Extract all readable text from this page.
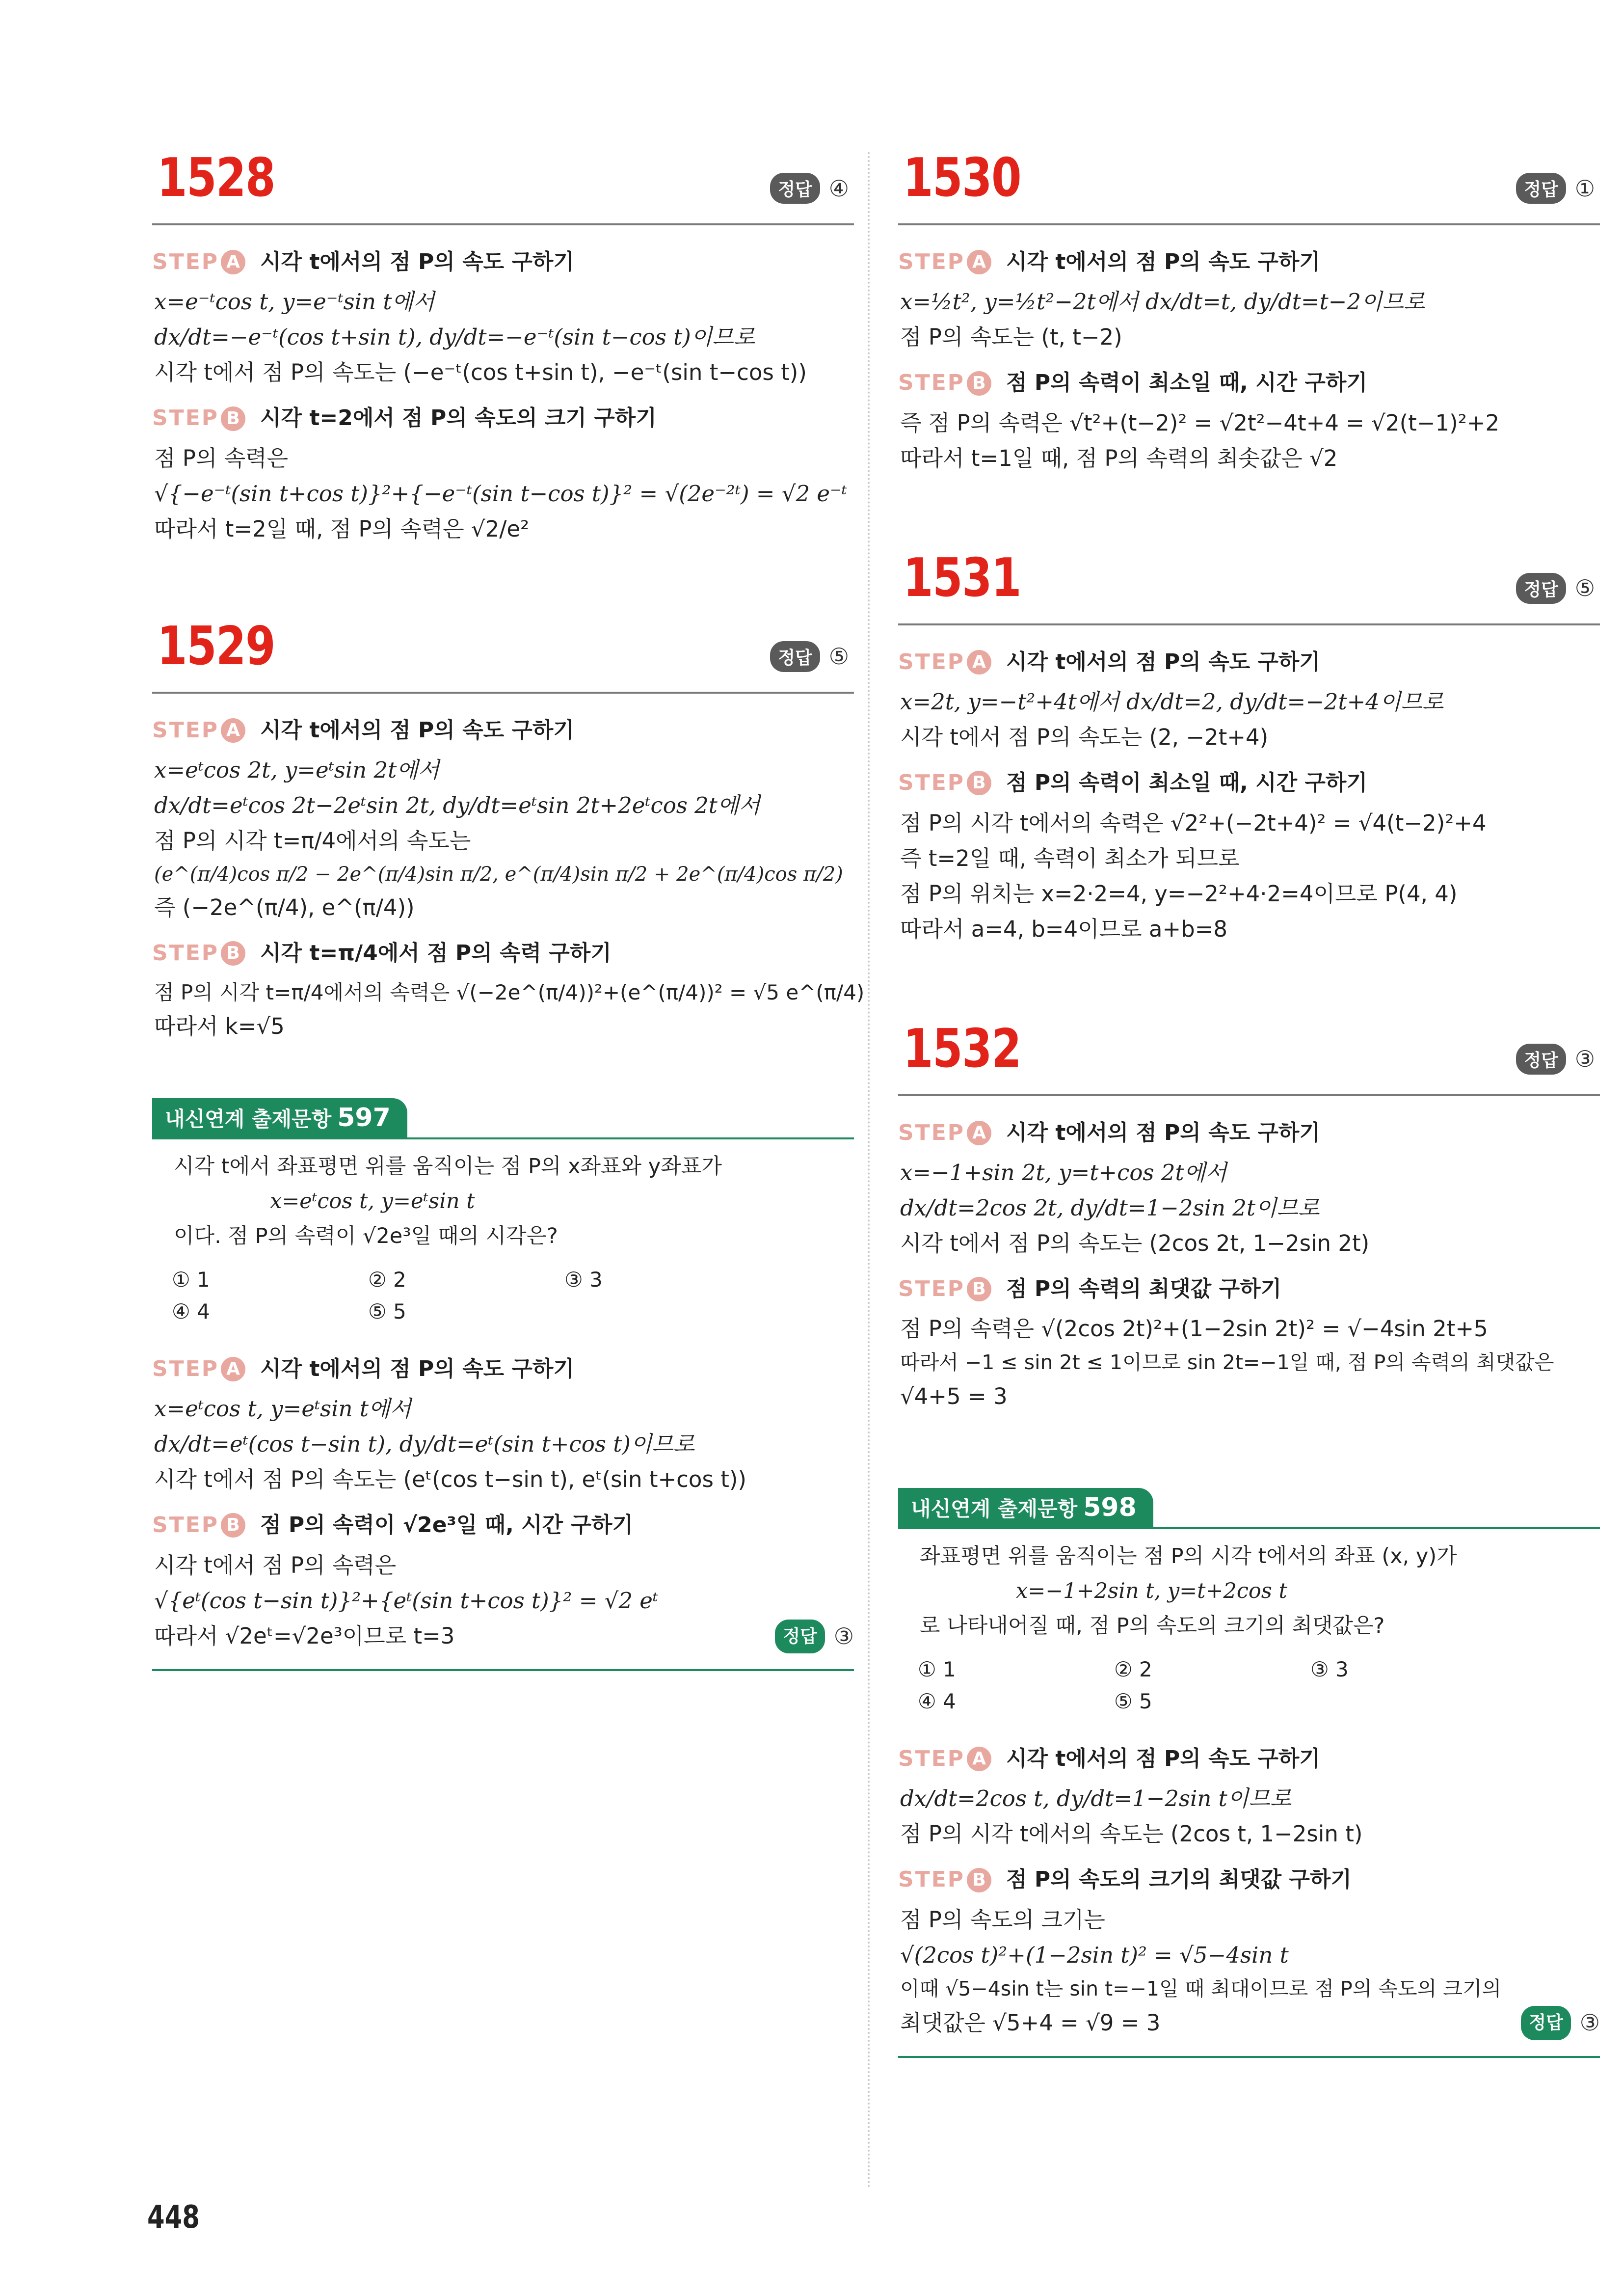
1528	정답 ④
STEP A 시각 t에서의 점 P의 속도 구하기
x=e⁻ᵗcos t, y=e⁻ᵗsin t에서
dx/dt=−e⁻ᵗ(cos t+sin t), dy/dt=−e⁻ᵗ(sin t−cos t)이므로
시각 t에서 점 P의 속도는 (−e⁻ᵗ(cos t+sin t), −e⁻ᵗ(sin t−cos t))
STEP B 시각 t=2에서 점 P의 속도의 크기 구하기
점 P의 속력은
√{−e⁻ᵗ(sin t+cos t)}²+{−e⁻ᵗ(sin t−cos t)}² = √(2e⁻²ᵗ) = √2 e⁻ᵗ
따라서 t=2일 때, 점 P의 속력은 √2/e²
1529	정답 ⑤
STEP A 시각 t에서의 점 P의 속도 구하기
x=eᵗcos 2t, y=eᵗsin 2t에서
dx/dt=eᵗcos 2t−2eᵗsin 2t, dy/dt=eᵗsin 2t+2eᵗcos 2t에서
점 P의 시각 t=π/4에서의 속도는
(e^(π/4)cos π/2 − 2e^(π/4)sin π/2, e^(π/4)sin π/2 + 2e^(π/4)cos π/2)
즉 (−2e^(π/4), e^(π/4))
STEP B 시각 t=π/4에서 점 P의 속력 구하기
점 P의 시각 t=π/4에서의 속력은 √(−2e^(π/4))²+(e^(π/4))² = √5 e^(π/4)
따라서 k=√5
내신연계 출제문항 597
시각 t에서 좌표평면 위를 움직이는 점 P의 x좌표와 y좌표가
x=eᵗcos t, y=eᵗsin t
이다. 점 P의 속력이 √2e³일 때의 시각은?
① 1	② 2	③ 3
④ 4	⑤ 5
STEP A 시각 t에서의 점 P의 속도 구하기
x=eᵗcos t, y=eᵗsin t에서
dx/dt=eᵗ(cos t−sin t), dy/dt=eᵗ(sin t+cos t)이므로
시각 t에서 점 P의 속도는 (eᵗ(cos t−sin t), eᵗ(sin t+cos t))
STEP B 점 P의 속력이 √2e³일 때, 시간 구하기
시각 t에서 점 P의 속력은
√{eᵗ(cos t−sin t)}²+{eᵗ(sin t+cos t)}² = √2 eᵗ
따라서 √2eᵗ=√2e³이므로 t=3	정답 ③
1530	정답 ①
STEP A 시각 t에서의 점 P의 속도 구하기
x=½t², y=½t²−2t에서 dx/dt=t, dy/dt=t−2이므로
점 P의 속도는 (t, t−2)
STEP B 점 P의 속력이 최소일 때, 시간 구하기
즉 점 P의 속력은 √t²+(t−2)² = √2t²−4t+4 = √2(t−1)²+2
따라서 t=1일 때, 점 P의 속력의 최솟값은 √2
1531	정답 ⑤
STEP A 시각 t에서의 점 P의 속도 구하기
x=2t, y=−t²+4t에서 dx/dt=2, dy/dt=−2t+4이므로
시각 t에서 점 P의 속도는 (2, −2t+4)
STEP B 점 P의 속력이 최소일 때, 시간 구하기
점 P의 시각 t에서의 속력은 √2²+(−2t+4)² = √4(t−2)²+4
즉 t=2일 때, 속력이 최소가 되므로
점 P의 위치는 x=2·2=4, y=−2²+4·2=4이므로 P(4, 4)
따라서 a=4, b=4이므로 a+b=8
1532	정답 ③
STEP A 시각 t에서의 점 P의 속도 구하기
x=−1+sin 2t, y=t+cos 2t에서
dx/dt=2cos 2t, dy/dt=1−2sin 2t이므로
시각 t에서 점 P의 속도는 (2cos 2t, 1−2sin 2t)
STEP B 점 P의 속력의 최댓값 구하기
점 P의 속력은 √(2cos 2t)²+(1−2sin 2t)² = √−4sin 2t+5
따라서 −1 ≤ sin 2t ≤ 1이므로 sin 2t=−1일 때, 점 P의 속력의 최댓값은
√4+5 = 3
내신연계 출제문항 598
좌표평면 위를 움직이는 점 P의 시각 t에서의 좌표 (x, y)가
x=−1+2sin t, y=t+2cos t
로 나타내어질 때, 점 P의 속도의 크기의 최댓값은?
① 1	② 2	③ 3
④ 4	⑤ 5
STEP A 시각 t에서의 점 P의 속도 구하기
dx/dt=2cos t, dy/dt=1−2sin t이므로
점 P의 시각 t에서의 속도는 (2cos t, 1−2sin t)
STEP B 점 P의 속도의 크기의 최댓값 구하기
점 P의 속도의 크기는
√(2cos t)²+(1−2sin t)² = √5−4sin t
이때 √5−4sin t는 sin t=−1일 때 최대이므로 점 P의 속도의 크기의
최댓값은 √5+4 = √9 = 3	정답 ③
448
